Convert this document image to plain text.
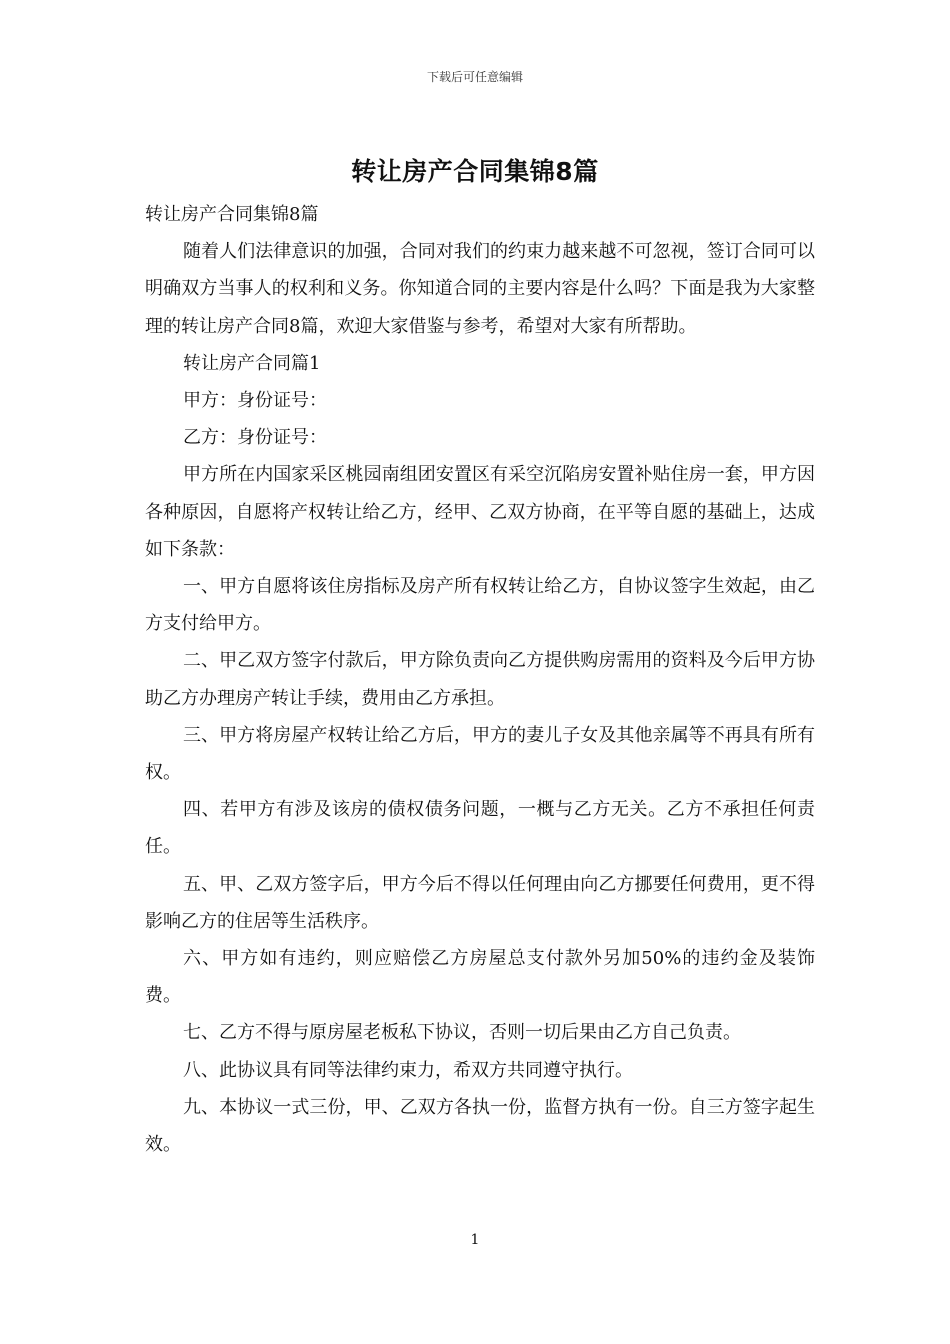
下载后可任意编辑
转让房产合同集锦8篇

转让房产合同集锦8篇

随着人们法律意识的加强，合同对我们的约束力越来越不可忽视，签订合同可以明确双方当事人的权利和义务。你知道合同的主要内容是什么吗？下面是我为大家整理的转让房产合同8篇，欢迎大家借鉴与参考，希望对大家有所帮助。

转让房产合同篇1

甲方：身份证号：

乙方：身份证号：

甲方所在内国家采区桃园南组团安置区有采空沉陷房安置补贴住房一套，甲方因各种原因，自愿将产权转让给乙方，经甲、乙双方协商，在平等自愿的基础上，达成如下条款：

一、甲方自愿将该住房指标及房产所有权转让给乙方，自协议签字生效起，由乙方支付给甲方。

二、甲乙双方签字付款后，甲方除负责向乙方提供购房需用的资料及今后甲方协助乙方办理房产转让手续，费用由乙方承担。

三、甲方将房屋产权转让给乙方后，甲方的妻儿子女及其他亲属等不再具有所有权。

四、若甲方有涉及该房的债权债务问题，一概与乙方无关。乙方不承担任何责任。

五、甲、乙双方签字后，甲方今后不得以任何理由向乙方挪要任何费用，更不得影响乙方的住居等生活秩序。

六、甲方如有违约，则应赔偿乙方房屋总支付款外另加50%的违约金及装饰费。

七、乙方不得与原房屋老板私下协议，否则一切后果由乙方自己负责。

八、此协议具有同等法律约束力，希双方共同遵守执行。

九、本协议一式三份，甲、乙双方各执一份，监督方执有一份。自三方签字起生效。

1
